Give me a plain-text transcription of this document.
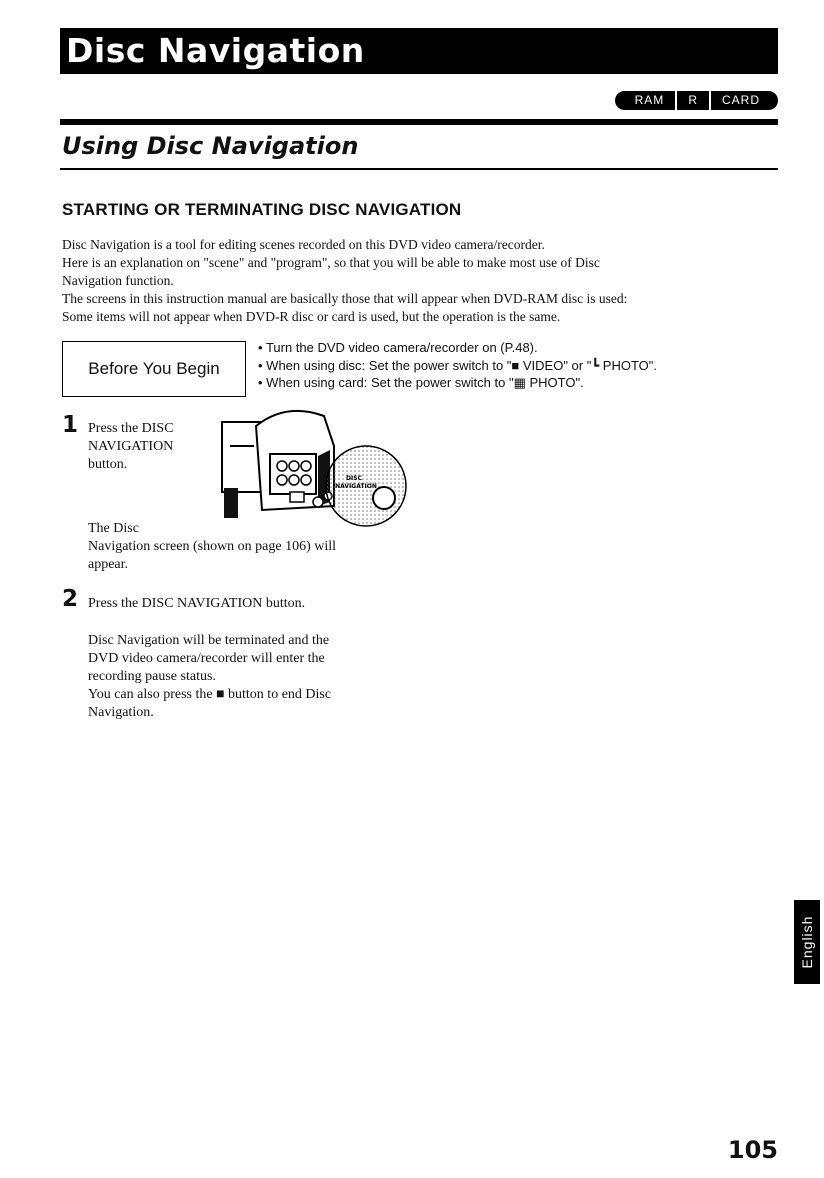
Disc Navigation
RAM	R	CARD
Using Disc Navigation
STARTING OR TERMINATING DISC NAVIGATION
Disc Navigation is a tool for editing scenes recorded on this DVD video camera/recorder.
Here is an explanation on "scene" and "program", so that you will be able to make most use of Disc
Navigation function.
The screens in this instruction manual are basically those that will appear when DVD-RAM disc is used:
Some items will not appear when DVD-R disc or card is used, but the operation is the same.
Before You Begin
• Turn the DVD video camera/recorder on (P.48).
• When using disc: Set the power switch to "■ VIDEO" or "┗ PHOTO".
• When using card: Set the power switch to "▦ PHOTO".
1 Press the DISC
NAVIGATION
button.
DISC
NAVIGATION
The Disc
Navigation screen (shown on page 106) will
appear.
2 Press the DISC NAVIGATION button.
Disc Navigation will be terminated and the
DVD video camera/recorder will enter the
recording pause status.
You can also press the ■ button to end Disc
Navigation.
English
105
